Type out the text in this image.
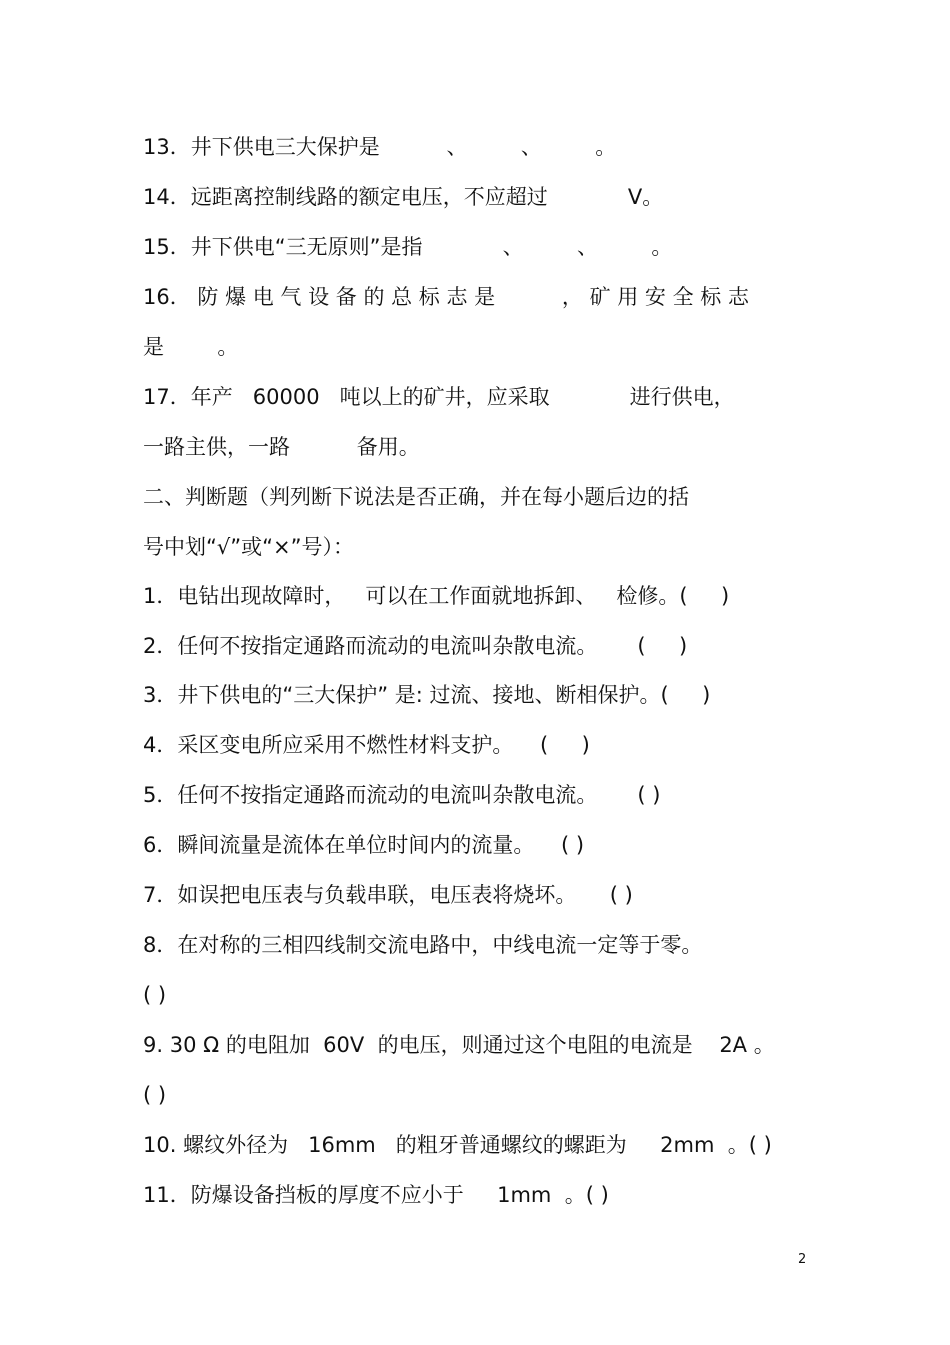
13．井下供电三大保护是          、        、        。
14．远距离控制线路的额定电压，不应超过            V。
15．井下供电“三无原则”是指            、        、        。
16． 防 爆 电 气 设 备 的 总 标 志 是          ， 矿 用 安 全 标 志
是        。
17．年产   60000   吨以上的矿井，应采取            进行供电，
一路主供，一路          备用。
二、判断题（判列断下说法是否正确，并在每小题后边的括
号中划“√”或“×”号）：
1．电钻出现故障时，   可以在工作面就地拆卸、   检修。(     )
2．任何不按指定通路而流动的电流叫杂散电流。      (     )
3．井下供电的“三大保护” 是: 过流、接地、断相保护。(     )
4．采区变电所应采用不燃性材料支护。    (     )
5．任何不按指定通路而流动的电流叫杂散电流。      ( )
6．瞬间流量是流体在单位时间内的流量。    ( )
7．如误把电压表与负载串联，电压表将烧坏。     ( )
8．在对称的三相四线制交流电路中，中线电流一定等于零。
( )
9. 30 Ω 的电阻加  60V  的电压，则通过这个电阻的电流是    2A 。
( )
10. 螺纹外径为   16mm   的粗牙普通螺纹的螺距为     2mm  。( )
11．防爆设备挡板的厚度不应小于     1mm  。( )
2
